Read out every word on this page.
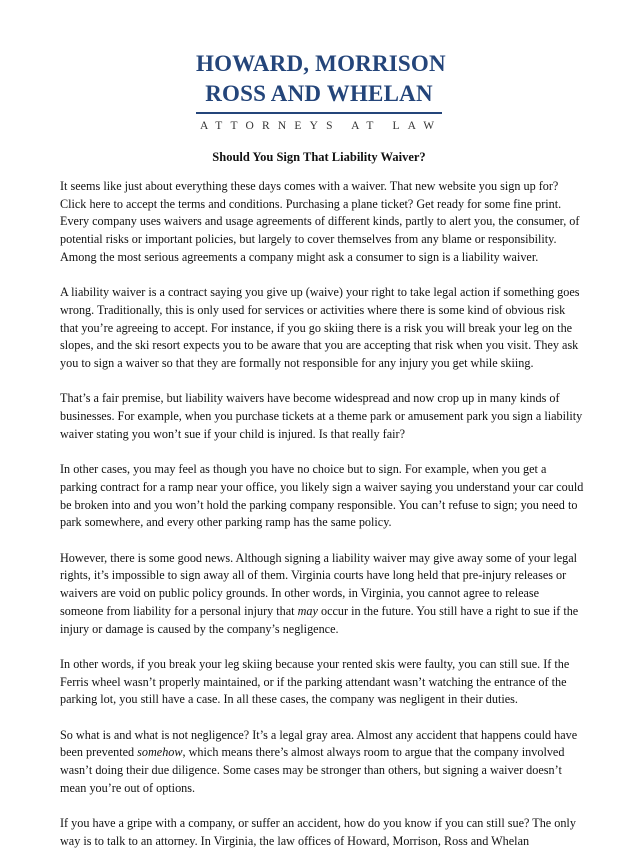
HOWARD, MORRISON
ROSS AND WHELAN
ATTORNEYS AT LAW
Should You Sign That Liability Waiver?

It seems like just about everything these days comes with a waiver. That new website you sign up for? Click here to accept the terms and conditions. Purchasing a plane ticket? Get ready for some fine print. Every company uses waivers and usage agreements of different kinds, partly to alert you, the consumer, of potential risks or important policies, but largely to cover themselves from any blame or responsibility. Among the most serious agreements a company might ask a consumer to sign is a liability waiver.

A liability waiver is a contract saying you give up (waive) your right to take legal action if something goes wrong. Traditionally, this is only used for services or activities where there is some kind of obvious risk that you’re agreeing to accept. For instance, if you go skiing there is a risk you will break your leg on the slopes, and the ski resort expects you to be aware that you are accepting that risk when you visit. They ask you to sign a waiver so that they are formally not responsible for any injury you get while skiing.

That’s a fair premise, but liability waivers have become widespread and now crop up in many kinds of businesses. For example, when you purchase tickets at a theme park or amusement park you sign a liability waiver stating you won’t sue if your child is injured. Is that really fair?

In other cases, you may feel as though you have no choice but to sign. For example, when you get a parking contract for a ramp near your office, you likely sign a waiver saying you understand your car could be broken into and you won’t hold the parking company responsible. You can’t refuse to sign; you need to park somewhere, and every other parking ramp has the same policy.

However, there is some good news. Although signing a liability waiver may give away some of your legal rights, it’s impossible to sign away all of them. Virginia courts have long held that pre-injury releases or waivers are void on public policy grounds. In other words, in Virginia, you cannot agree to release someone from liability for a personal injury that may occur in the future. You still have a right to sue if the injury or damage is caused by the company’s negligence.

In other words, if you break your leg skiing because your rented skis were faulty, you can still sue. If the Ferris wheel wasn’t properly maintained, or if the parking attendant wasn’t watching the entrance of the parking lot, you still have a case. In all these cases, the company was negligent in their duties.

So what is and what is not negligence? It’s a legal gray area. Almost any accident that happens could have been prevented somehow, which means there’s almost always room to argue that the company involved wasn’t doing their due diligence. Some cases may be stronger than others, but signing a waiver doesn’t mean you’re out of options.

If you have a gripe with a company, or suffer an accident, how do you know if you can still sue? The only way is to talk to an attorney. In Virginia, the law offices of Howard, Morrison, Ross and Whelan
